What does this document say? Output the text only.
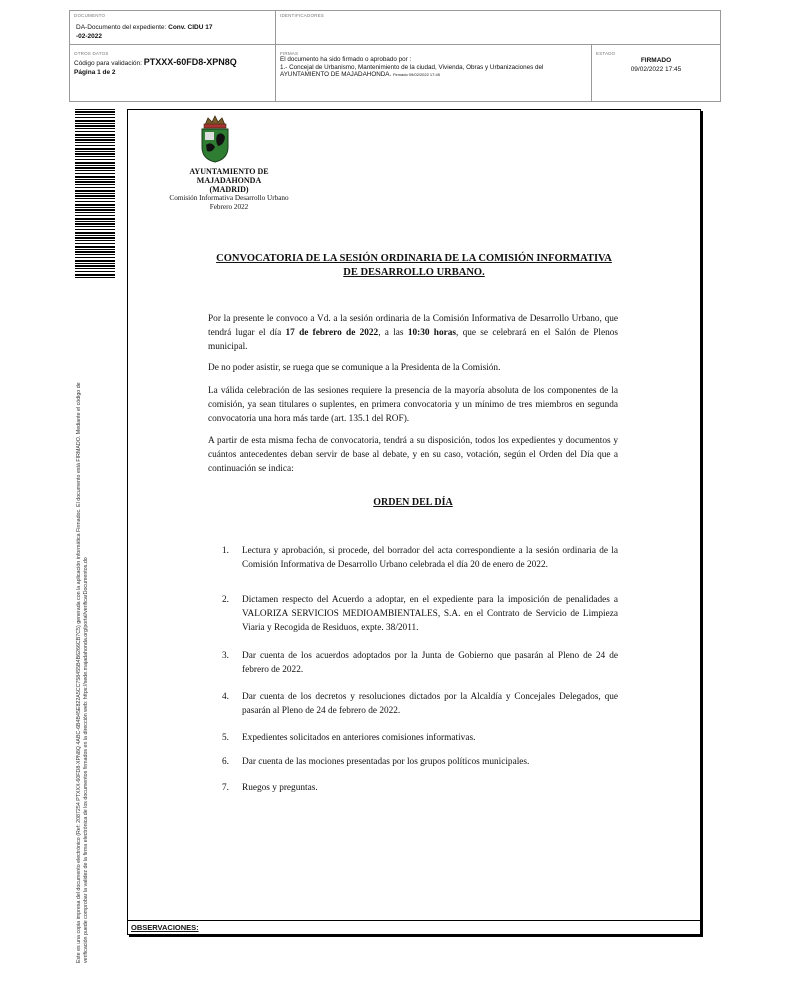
DOCUMENTO
DA-Documento del expediente: Conv. CIDU 17
-02-2022
IDENTIFICADORES
OTROS DATOS
Código para validación: PTXXX-60FD8-XPN8Q
Página 1 de 2
FIRMAS
El documento ha sido firmado o aprobado por :
1.- Concejal de Urbanismo, Mantenimiento de la ciudad, Vivienda, Obras y Urbanizaciones del
AYUNTAMIENTO DE MAJADAHONDA. Firmado 09/02/2022 17:45
ESTADO
FIRMADO
09/02/2022 17:45
Este es una copia impresa del documento electrónico (Ref: 2087254 PTXXX-60FD8-XPN8Q 4ABC-6B4B45E822A5CC758455B4B6266CB7C5) generada con la aplicación informática Firmadoc. El documento está FIRMADO. Mediante el código de verificación puede comprobar la validez de la firma electrónica de los documentos firmados en la dirección web: https://sede.majadahonda.org/portal/verificarDocumentos.do	OBSERVACIONES:
AYUNTAMIENTO DE
MAJADAHONDA
(MADRID)
Comisión Informativa Desarrollo Urbano
Febrero 2022
CONVOCATORIA DE LA SESIÓN ORDINARIA DE LA COMISIÓN INFORMATIVA
DE DESARROLLO URBANO.
Por la presente le convoco a Vd. a la sesión ordinaria de la Comisión Informativa de Desarrollo Urbano, que tendrá lugar el día 17 de febrero de 2022, a las 10:30 horas, que se celebrará en el Salón de Plenos municipal.
De no poder asistir, se ruega que se comunique a la Presidenta de la Comisión.
La válida celebración de las sesiones requiere la presencia de la mayoría absoluta de los componentes de la comisión, ya sean titulares o suplentes, en primera convocatoria y un mínimo de tres miembros en segunda convocatoria una hora más tarde (art. 135.1 del ROF).
A partir de esta misma fecha de convocatoria, tendrá a su disposición, todos los expedientes y documentos y cuántos antecedentes deban servir de base al debate, y en su caso, votación, según el Orden del Día que a continuación se indica:
ORDEN DEL DÍA
1.	Lectura y aprobación, si procede, del borrador del acta correspondiente a la sesión ordinaria de la Comisión Informativa de Desarrollo Urbano celebrada el día 20 de enero de 2022.
2.	Dictamen respecto del Acuerdo a adoptar, en el expediente para la imposición de penalidades a VALORIZA SERVICIOS MEDIOAMBIENTALES, S.A. en el Contrato de Servicio de Limpieza Viaria y Recogida de Residuos, expte. 38/2011.
3.	Dar cuenta de los acuerdos adoptados por la Junta de Gobierno que pasarán al Pleno de 24 de febrero de 2022.
4.	Dar cuenta de los decretos y resoluciones dictados por la Alcaldía y Concejales Delegados, que pasarán al Pleno de 24 de febrero de 2022.
5.	Expedientes solicitados en anteriores comisiones informativas.
6.	Dar cuenta de las mociones presentadas por los grupos políticos municipales.
7.	Ruegos y preguntas.
